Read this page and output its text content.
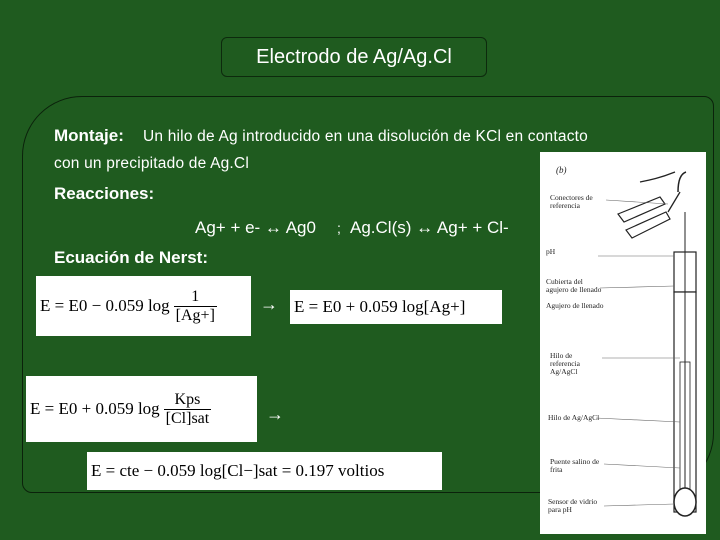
Electrodo de Ag/Ag.Cl
Montaje: Un hilo de Ag introducido en una disolución de KCl en contacto
con un precipitado de Ag.Cl
Reacciones:
Ag+ + e- ↔ Ag0 ; Ag.Cl(s) ↔ Ag+ + Cl-
Ecuación de Nerst:
E = E0 − 0.059 $\log \frac{1}{[Ag+]} \to E = E0 + 0.059$ log[Ag+]
E = E0 + 0.059 $\log \frac{\text{Kps}}{\text{[Cl]sat}}$	→
E = cte − 0.059 log[Cl−]sat = 0.197 voltios
(b)
Conectores de referencia
pH
Cubierta del agujero de llenado
Agujero de llenado
Hilo de referencia Ag/AgCl
Hilo de Ag/AgCl
Puente salino de frita
Sensor de vidrio para pH
